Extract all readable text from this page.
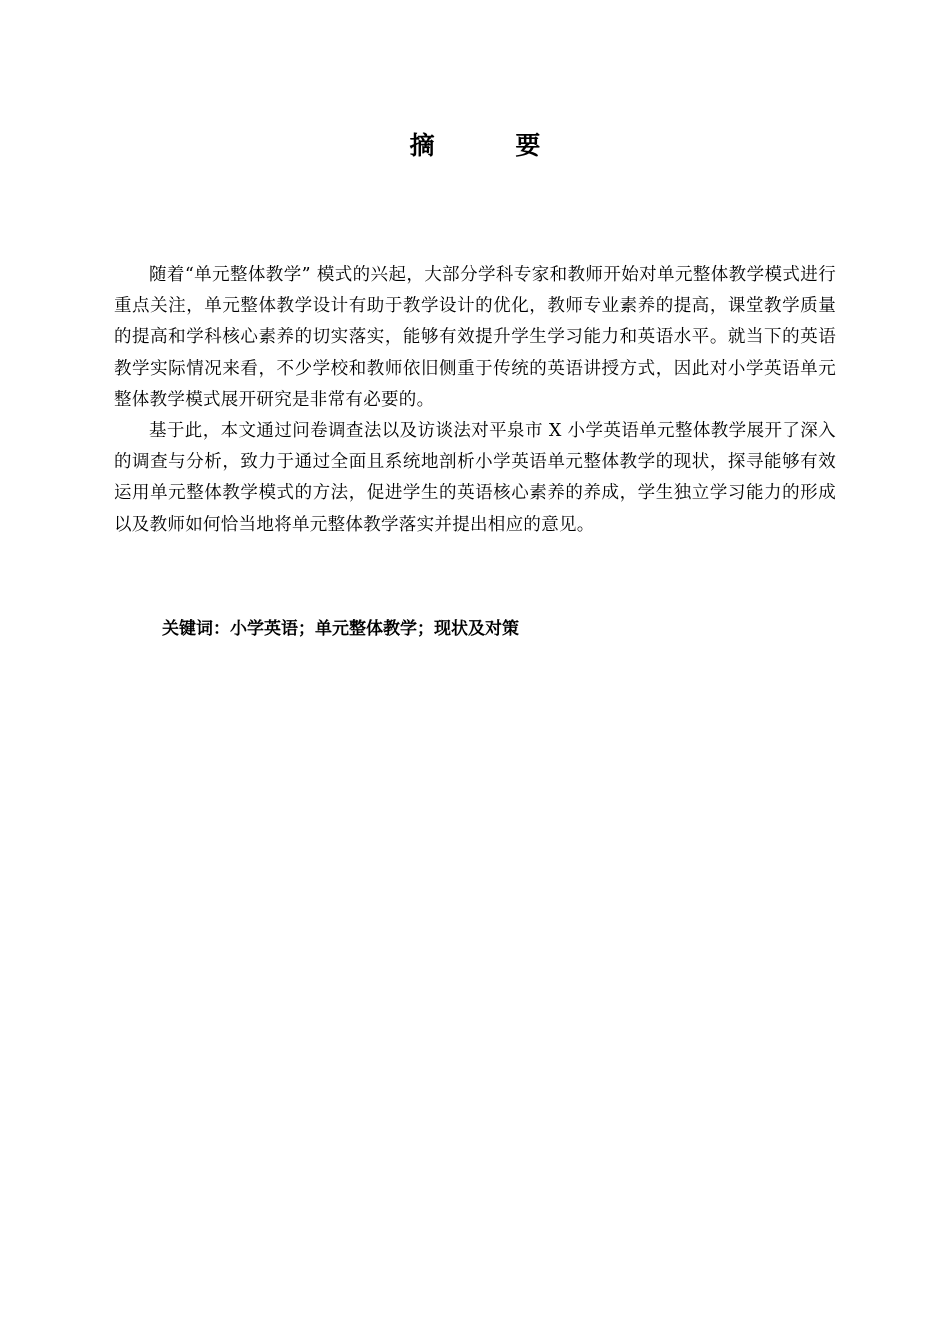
摘 要

随着“单元整体教学” 模式的兴起，大部分学科专家和教师开始对单元整体教学模式进行重点关注，单元整体教学设计有助于教学设计的优化，教师专业素养的提高，课堂教学质量的提高和学科核心素养的切实落实，能够有效提升学生学习能力和英语水平。就当下的英语教学实际情况来看，不少学校和教师依旧侧重于传统的英语讲授方式，因此对小学英语单元整体教学模式展开研究是非常有必要的。

基于此，本文通过问卷调查法以及访谈法对平泉市 X 小学英语单元整体教学展开了深入的调查与分析，致力于通过全面且系统地剖析小学英语单元整体教学的现状，探寻能够有效运用单元整体教学模式的方法，促进学生的英语核心素养的养成，学生独立学习能力的形成以及教师如何恰当地将单元整体教学落实并提出相应的意见。

关键词：小学英语；单元整体教学；现状及对策
